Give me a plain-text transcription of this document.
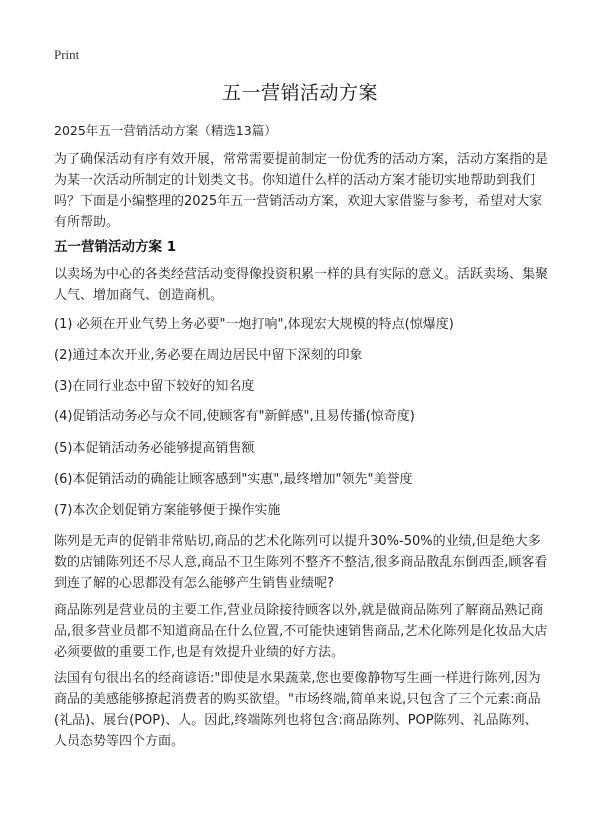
Print
五一营销活动方案
2025年五一营销活动方案（精选13篇）
为了确保活动有序有效开展，常常需要提前制定一份优秀的活动方案，活动方案指的是为某一次活动所制定的计划类文书。你知道什么样的活动方案才能切实地帮助到我们吗？下面是小编整理的2025年五一营销活动方案，欢迎大家借鉴与参考，希望对大家有所帮助。
五一营销活动方案 1
以卖场为中心的各类经营活动变得像投资积累一样的具有实际的意义。活跃卖场、集聚人气、增加商气、创造商机。
(1) 必须在开业气势上务必要"一炮打响",体现宏大规模的特点(惊爆度)
(2)通过本次开业,务必要在周边居民中留下深刻的印象
(3)在同行业态中留下较好的知名度
(4)促销活动务必与众不同,使顾客有"新鲜感",且易传播(惊奇度)
(5)本促销活动务必能够提高销售额
(6)本促销活动的确能让顾客感到"实惠",最终增加"领先"美誉度
(7)本次企划促销方案能够便于操作实施
陈列是无声的促销非常贴切,商品的艺术化陈列可以提升30%-50%的业绩,但是绝大多数的店铺陈列还不尽人意,商品不卫生陈列不整齐不整洁,很多商品散乱东倒西歪,顾客看到连了解的心思都没有怎么能够产生销售业绩呢?
商品陈列是营业员的主要工作,营业员除接待顾客以外,就是做商品陈列了解商品熟记商品,很多营业员都不知道商品在什么位置,不可能快速销售商品,艺术化陈列是化妆品大店必须要做的重要工作,也是有效提升业绩的好方法。
法国有句很出名的经商谚语:"即使是水果蔬菜,您也要像静物写生画一样进行陈列,因为商品的美感能够撩起消费者的购买欲望。"市场终端,简单来说,只包含了三个元素:商品(礼品)、展台(POP)、人。因此,终端陈列也将包含:商品陈列、POP陈列、礼品陈列、人员态势等四个方面。
